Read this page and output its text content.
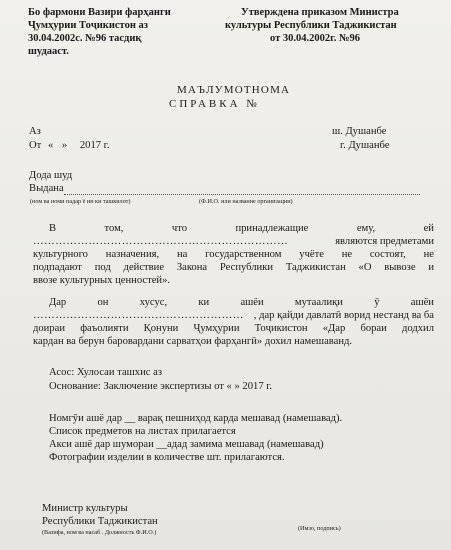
Бо фармони Вазири фарҳанги
Ҷумҳурии Тоҷикистон аз
30.04.2002с. №96 тасдиқ
шудааст.
Утверждена приказом Министра
культуры Республики Таджикистан
от 30.04.2002г. №96
МАЪЛУМОТНОМА
СПРАВКА №
Аз
От « » 2017 г.
ш. Душанбе
г. Душанбе
Дода шуд
Выдана
(ном ва номи падар ё ин ки ташкилот)	(Ф.И.О. или название организации)
В	том,	что	принадлежащие	ему,	ей
……………………………………………………………	являются предметами
культурного назначения, на государственном учёте не состоят, не
подпадают под действие Закона Республики Таджикистан «О вывозе и
ввозе культурных ценностей».
Дар	он	хусус,	ки	ашёи	мутаалиқи	ӯ	ашёи
………………………………………………… , дар қайди давлатӣ ворид нестанд ва ба
доираи фаъолияти Қонуни Ҷумҳурии Тоҷикистон «Дар борaи додхил
кардан ва берун баровардани сарватҳои фарҳангӣ» дохил намешаванд.
Асос: Хулосаи ташхис аз
Основание: Заключение экспертизы от « » 2017 г.
Номгӯи ашё дар __ варақ пешниҳод карда мешавад (намешавад).
Список предметов на листах прилагается
Акси ашё дар шумораи __адад замима мешавад (намешавад)
Фотографии изделии в количестве шт. прилагаются.
Министр культуры
Республики Таджикистан
(Вазифа, ном ва насаб . Должность Ф.И.О.)
(Имзо, подпись)
